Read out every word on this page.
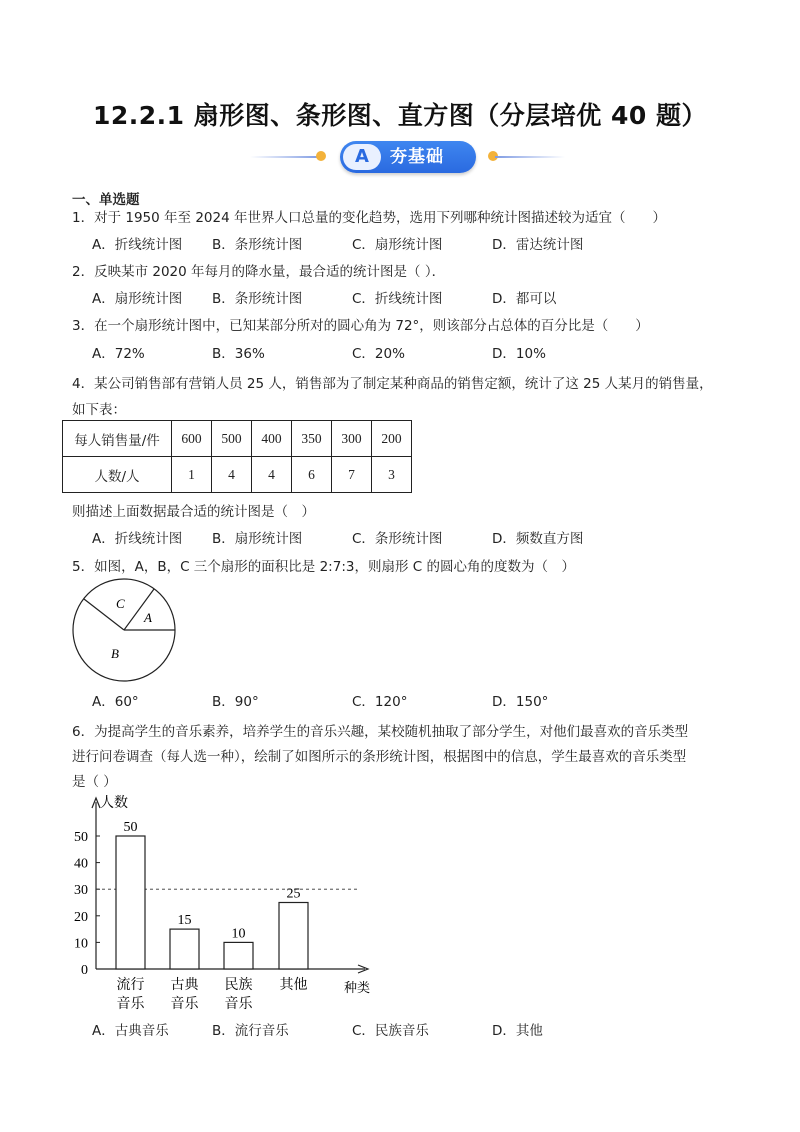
12.2.1 扇形图、条形图、直方图（分层培优 40 题）
A	夯基础
一、单选题
1．对于 1950 年至 2024 年世界人口总量的变化趋势，选用下列哪种统计图描述较为适宜（　　）
A．折线统计图 B．条形统计图	C．扇形统计图	D．雷达统计图
2．反映某市 2020 年每月的降水量，最合适的统计图是（ ）．
A．扇形统计图 B．条形统计图	C．折线统计图	D．都可以
3．在一个扇形统计图中，已知某部分所对的圆心角为 72°，则该部分占总体的百分比是（　　）
A．72%	B．36%	C．20%	D．10%
4．某公司销售部有营销人员 25 人，销售部为了制定某种商品的销售定额，统计了这 25 人某月的销售量，
如下表：
每人销售量/件	600	500	400	350	300	200
人数/人	1	4	4	6	7	3
则描述上面数据最合适的统计图是（　）
A．折线统计图 B．扇形统计图	C．条形统计图	D．频数直方图
5．如图，A，B，C 三个扇形的面积比是 2:7:3，则扇形 C 的圆心角的度数为（　）
C
A
B
A．60°	B．90°	C．120°	D．150°
6．为提高学生的音乐素养，培养学生的音乐兴趣，某校随机抽取了部分学生，对他们最喜欢的音乐类型
进行问卷调查（每人选一种），绘制了如图所示的条形统计图，根据图中的信息，学生最喜欢的音乐类型
是（ ）
人数
种类
0
10
20
30
40
50
50
流行
音乐
15
古典
音乐
10
民族
音乐
25
其他
A．古典音乐	B．流行音乐	C．民族音乐	D．其他
